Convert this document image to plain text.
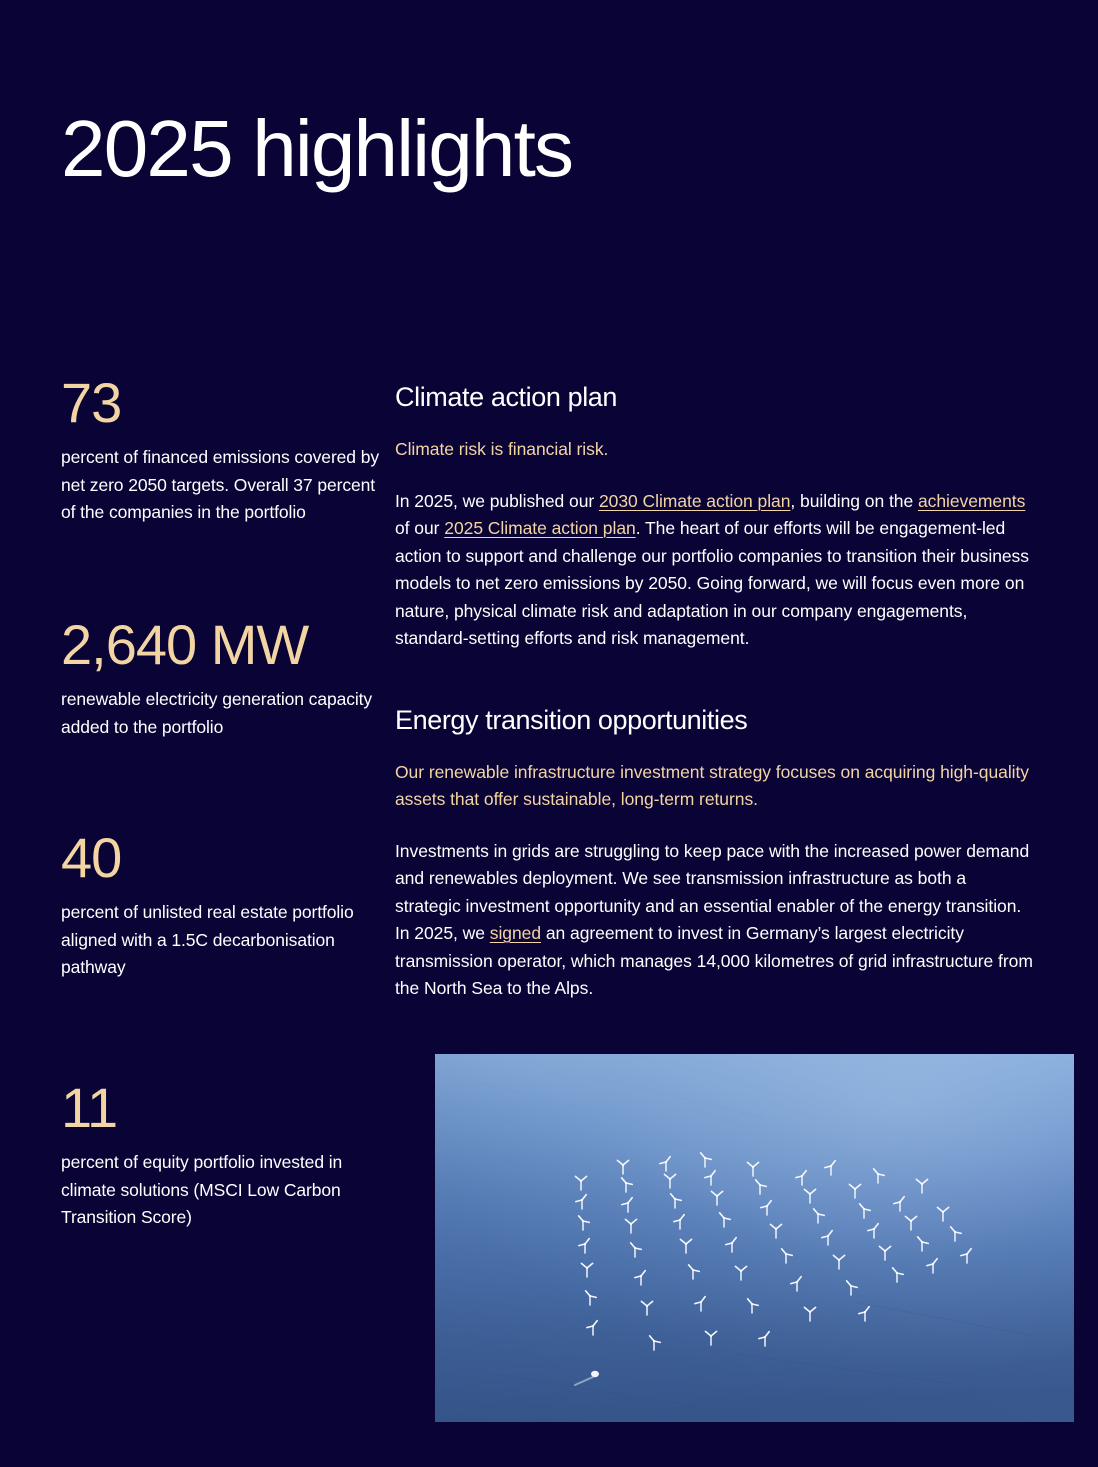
2025 highlights
73
percent of financed emissions covered by net zero 2050 targets. Overall 37 percent of the companies in the portfolio
2,640 MW
renewable electricity generation capacity added to the portfolio
40
percent of unlisted real estate portfolio aligned with a 1.5C decarbonisation pathway
11
percent of equity portfolio invested in climate solutions (MSCI Low Carbon Transition Score)
Climate action plan

Climate risk is financial risk.

In 2025, we published our 2030 Climate action plan, building on the achievements of our 2025 Climate action plan. The heart of our efforts will be engagement-led action to support and challenge our portfolio companies to transition their business models to net zero emissions by 2050. Going forward, we will focus even more on nature, physical climate risk and adaptation in our company engagements, standard-setting efforts and risk management.

Energy transition opportunities

Our renewable infrastructure investment strategy focuses on acquiring high-quality assets that offer sustainable, long-term returns.

Investments in grids are struggling to keep pace with the increased power demand and renewables deployment. We see transmission infrastructure as both a strategic investment opportunity and an essential enabler of the energy transition. In 2025, we signed an agreement to invest in Germany’s largest electricity transmission operator, which manages 14,000 kilometres of grid infrastructure from the North Sea to the Alps.
